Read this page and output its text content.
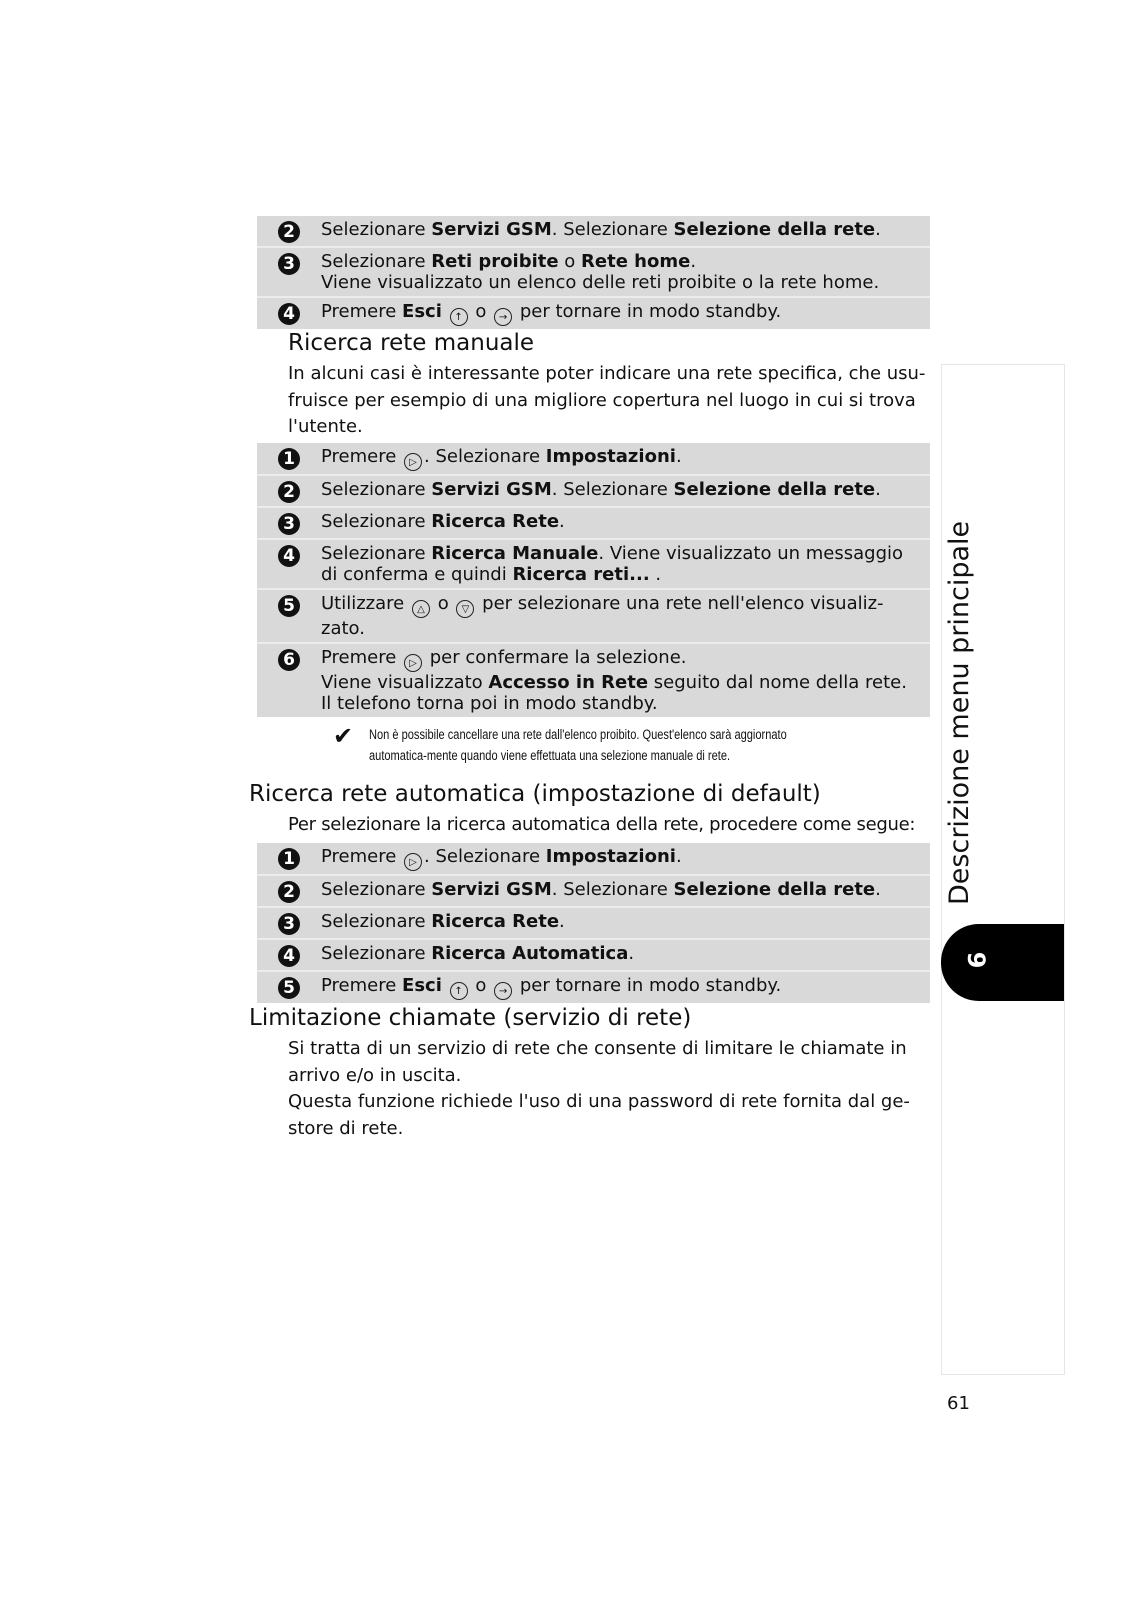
2 Selezionare Servizi GSM. Selezionare Selezione della rete.
3 Selezionare Reti proibite o Rete home.
Viene visualizzato un elenco delle reti proibite o la rete home.
4 Premere Esci ↑ o → per tornare in modo standby.
Ricerca rete manuale
In alcuni casi è interessante poter indicare una rete specifica, che usu-fruisce per esempio di una migliore copertura nel luogo in cui si trova l'utente.
1 Premere ▷ . Selezionare Impostazioni.
2 Selezionare Servizi GSM. Selezionare Selezione della rete.
3 Selezionare Ricerca Rete.
4 Selezionare Ricerca Manuale. Viene visualizzato un messaggio
di conferma e quindi Ricerca reti... .
5 Utilizzare △ o ▽ per selezionare una rete nell'elenco visualiz-
zato.
6 Premere ▷ per confermare la selezione.
Viene visualizzato Accesso in Rete seguito dal nome della rete.
Il telefono torna poi in modo standby.
✔	Non è possibile cancellare una rete dall'elenco proibito. Quest'elenco sarà aggiornato automatica-mente quando viene effettuata una selezione manuale di rete.
Ricerca rete automatica (impostazione di default)
Per selezionare la ricerca automatica della rete, procedere come segue:
1 Premere ▷ . Selezionare Impostazioni.
2 Selezionare Servizi GSM. Selezionare Selezione della rete.
3 Selezionare Ricerca Rete.
4 Selezionare Ricerca Automatica.
5 Premere Esci ↑ o → per tornare in modo standby.
Limitazione chiamate (servizio di rete)
Si tratta di un servizio di rete che consente di limitare le chiamate in arrivo e/o in uscita.
Questa funzione richiede l'uso di una password di rete fornita dal ge-store di rete.
Descrizione menu principale
6
61
